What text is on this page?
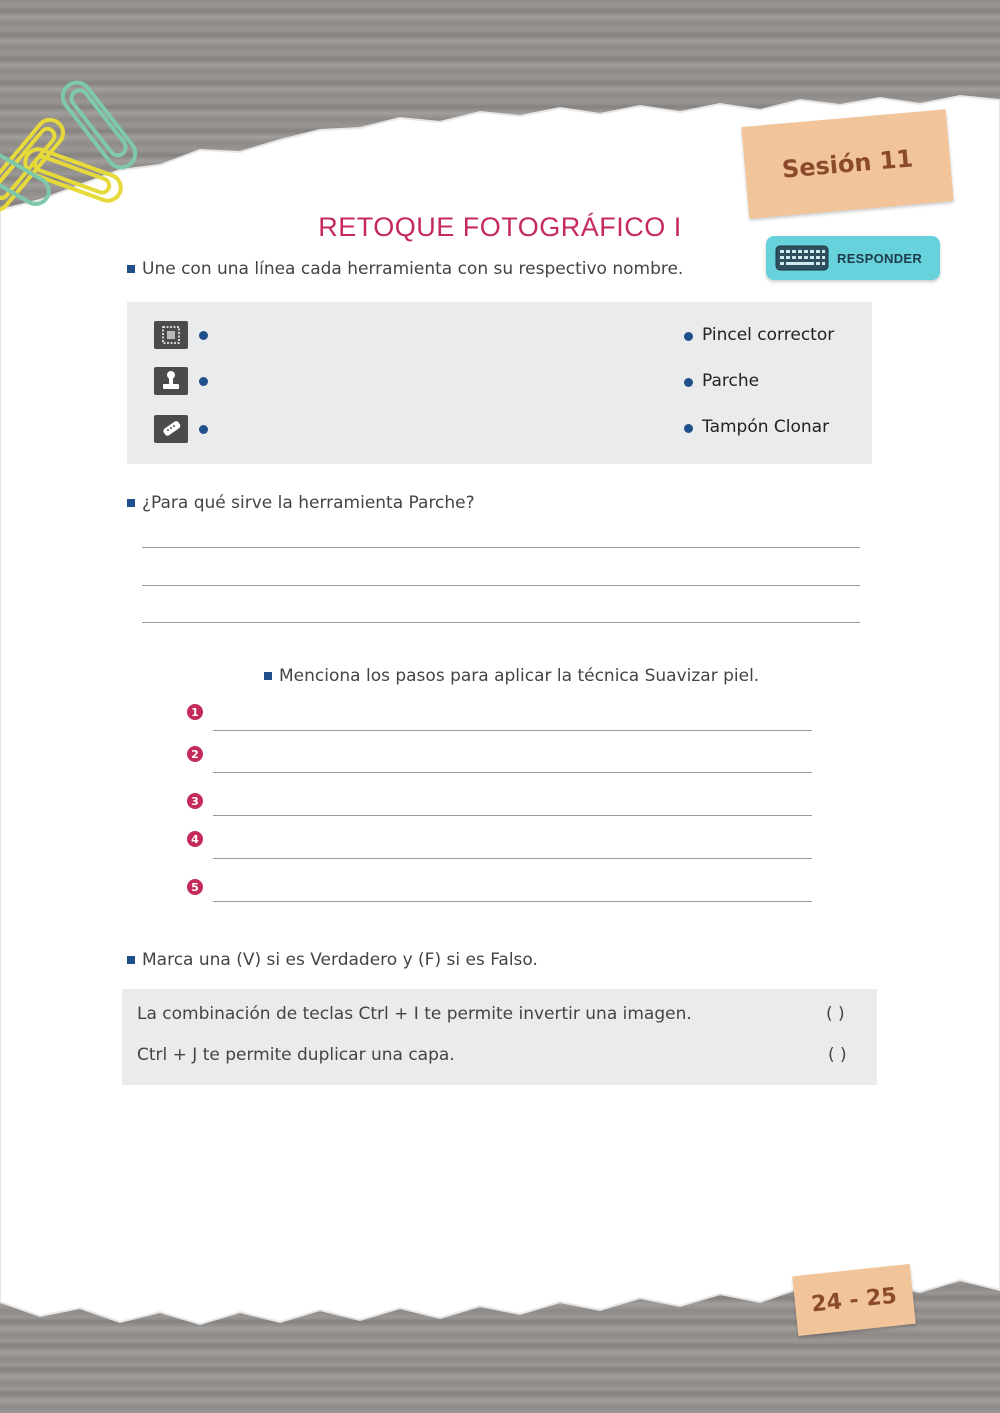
Sesión 11
24 - 25
RETOQUE FOTOGRÁFICO I
RESPONDER
Une con una línea cada herramienta con su respectivo nombre.
Pincel corrector
Parche
Tampón Clonar
¿Para qué sirve la herramienta Parche?
Menciona los pasos para aplicar la técnica Suavizar piel.
1
2
3
4
5
Marca una (V) si es Verdadero y (F) si es Falso.
La combinación de teclas Ctrl + I te permite invertir una imagen.	( )
Ctrl + J te permite duplicar una capa.	( )
